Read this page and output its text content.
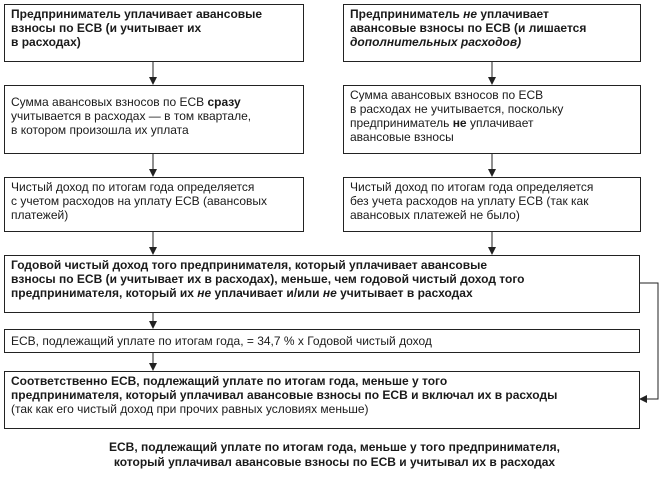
Предприниматель уплачивает авансовые
взносы по ЕСВ (и учитывает их
в расходах)
Предприниматель не уплачивает
авансовые взносы по ЕСВ (и лишается
дополнительных расходов)
Сумма авансовых взносов по ЕСВ сразу
учитывается в расходах — в том квартале,
в котором произошла их уплата
Сумма авансовых взносов по ЕСВ
в расходах не учитывается, поскольку
предприниматель не уплачивает
авансовые взносы
Чистый доход по итогам года определяется
с учетом расходов на уплату ЕСВ (авансовых
платежей)
Чистый доход по итогам года определяется
без учета расходов на уплату ЕСВ (так как
авансовых платежей не было)
Годовой чистый доход того предпринимателя, который уплачивает авансовые
взносы по ЕСВ (и учитывает их в расходах), меньше, чем годовой чистый доход того
предпринимателя, который их не уплачивает и/или не учитывает в расходах
ЕСВ, подлежащий уплате по итогам года, = 34,7 % х Годовой чистый доход
Соответственно ЕСВ, подлежащий уплате по итогам года, меньше у того
предпринимателя, который уплачивал авансовые взносы по ЕСВ и включал их в расходы
(так как его чистый доход при прочих равных условиях меньше)
ЕСВ, подлежащий уплате по итогам года, меньше у того предпринимателя,
который уплачивал авансовые взносы по ЕСВ и учитывал их в расходах
